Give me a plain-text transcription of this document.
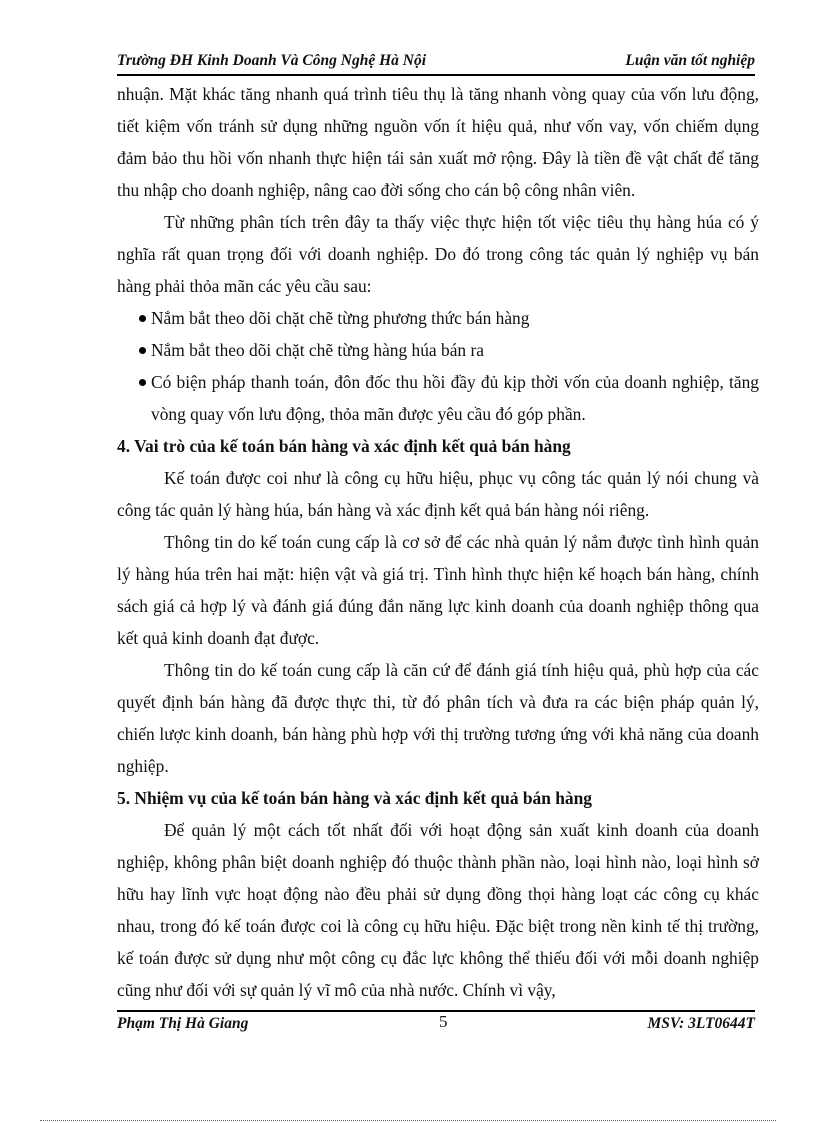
Trường ĐH Kinh Doanh Và Công Nghệ Hà Nội	Luận văn tốt nghiệp

nhuận. Mặt khác tăng nhanh quá trình tiêu thụ là tăng nhanh vòng quay của vốn lưu động, tiết kiệm vốn tránh sử dụng những nguồn vốn ít hiệu quả, như vốn vay, vốn chiếm dụng đảm bảo thu hồi vốn nhanh thực hiện tái sản xuất mở rộng. Đây là tiền đề vật chất để tăng thu nhập cho doanh nghiệp, nâng cao đời sống cho cán bộ công nhân viên.

Từ những phân tích trên đây ta thấy việc thực hiện tốt việc tiêu thụ hàng húa có ý nghĩa rất quan trọng đối với doanh nghiệp. Do đó trong công tác quản lý nghiệp vụ bán hàng phải thỏa mãn các yêu cầu sau:

Nắm bắt theo dõi chặt chẽ từng phương thức bán hàng
Nắm bắt theo dõi chặt chẽ từng hàng húa bán ra
Có biện pháp thanh toán, đôn đốc thu hồi đầy đủ kịp thời vốn của doanh nghiệp, tăng vòng quay vốn lưu động, thỏa mãn được yêu cầu đó góp phần.

4. Vai trò của kế toán bán hàng và xác định kết quả bán hàng

Kế toán được coi như là công cụ hữu hiệu, phục vụ công tác quản lý nói chung và công tác quản lý hàng húa, bán hàng và xác định kết quả bán hàng nói riêng.

Thông tin do kế toán cung cấp là cơ sở để các nhà quản lý nắm được tình hình quản lý hàng húa trên hai mặt: hiện vật và giá trị. Tình hình thực hiện kế hoạch bán hàng, chính sách giá cả hợp lý và đánh giá đúng đắn năng lực kinh doanh của doanh nghiệp thông qua kết quả kinh doanh đạt được.

Thông tin do kế toán cung cấp là căn cứ để đánh giá tính hiệu quả, phù hợp của các quyết định bán hàng đã được thực thi, từ đó phân tích và đưa ra các biện pháp quản lý, chiến lược kinh doanh, bán hàng phù hợp với thị trường tương ứng với khả năng của doanh nghiệp.

5. Nhiệm vụ của kế toán bán hàng và xác định kết quả bán hàng

Để quản lý một cách tốt nhất đối với hoạt động sản xuất kinh doanh của doanh nghiệp, không phân biệt doanh nghiệp đó thuộc thành phần nào, loại hình nào, loại hình sở hữu hay lĩnh vực hoạt động nào đều phải sử dụng đồng thọi hàng loạt các công cụ khác nhau, trong đó kế toán được coi là công cụ hữu hiệu. Đặc biệt trong nền kinh tế thị trường, kế toán được sử dụng như một công cụ đắc lực không thể thiếu đối với mỗi doanh nghiệp cũng như đối với sự quản lý vĩ mô của nhà nước. Chính vì vậy,

Phạm Thị Hà Giang	5	MSV: 3LT0644T
